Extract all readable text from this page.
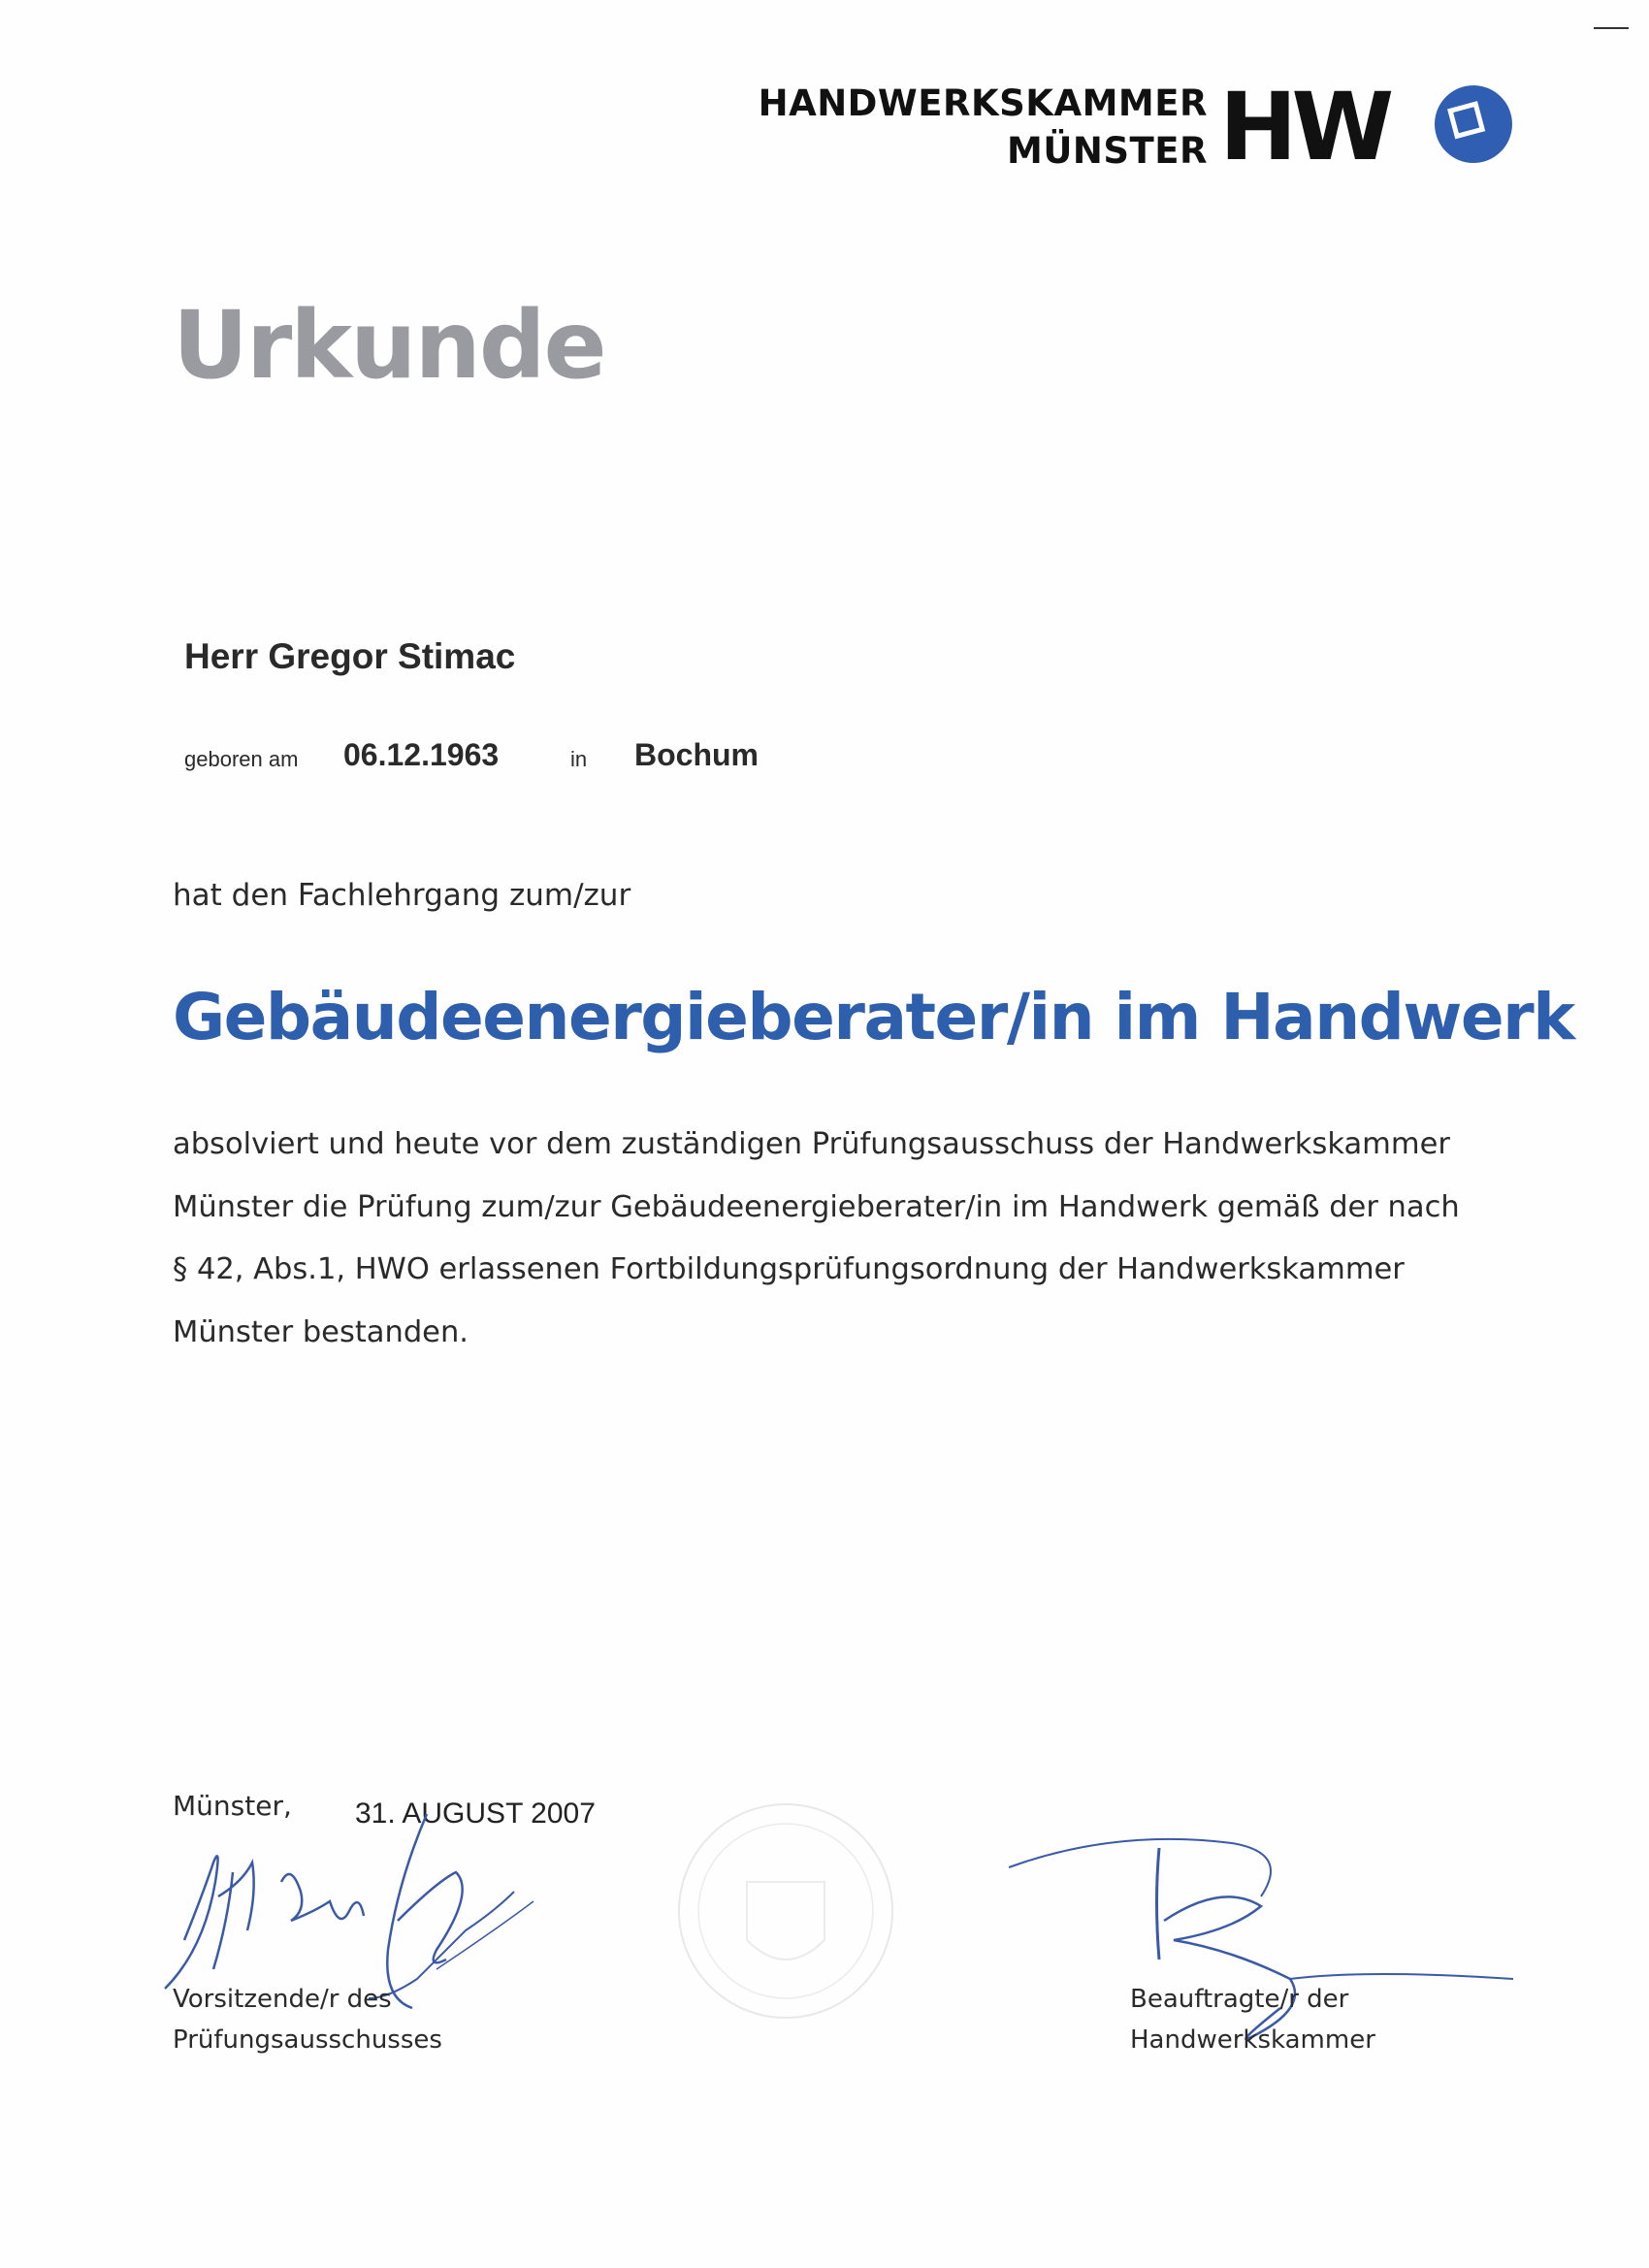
HANDWERKSKAMMER
MÜNSTER HW
Urkunde
Herr Gregor Stimac
geboren am 06.12.1963	in Bochum
hat den Fachlehrgang zum/zur
Gebäudeenergieberater/in im Handwerk
absolviert und heute vor dem zuständigen Prüfungsausschuss der Handwerkskammer
Münster die Prüfung zum/zur Gebäudeenergieberater/in im Handwerk gemäß der nach
§ 42, Abs.1, HWO erlassenen Fortbildungsprüfungsordnung der Handwerkskammer
Münster bestanden.
Münster, 31. AUGUST 2007
Vorsitzende/r des
Prüfungsausschusses
Beauftragte/r der
Handwerkskammer
